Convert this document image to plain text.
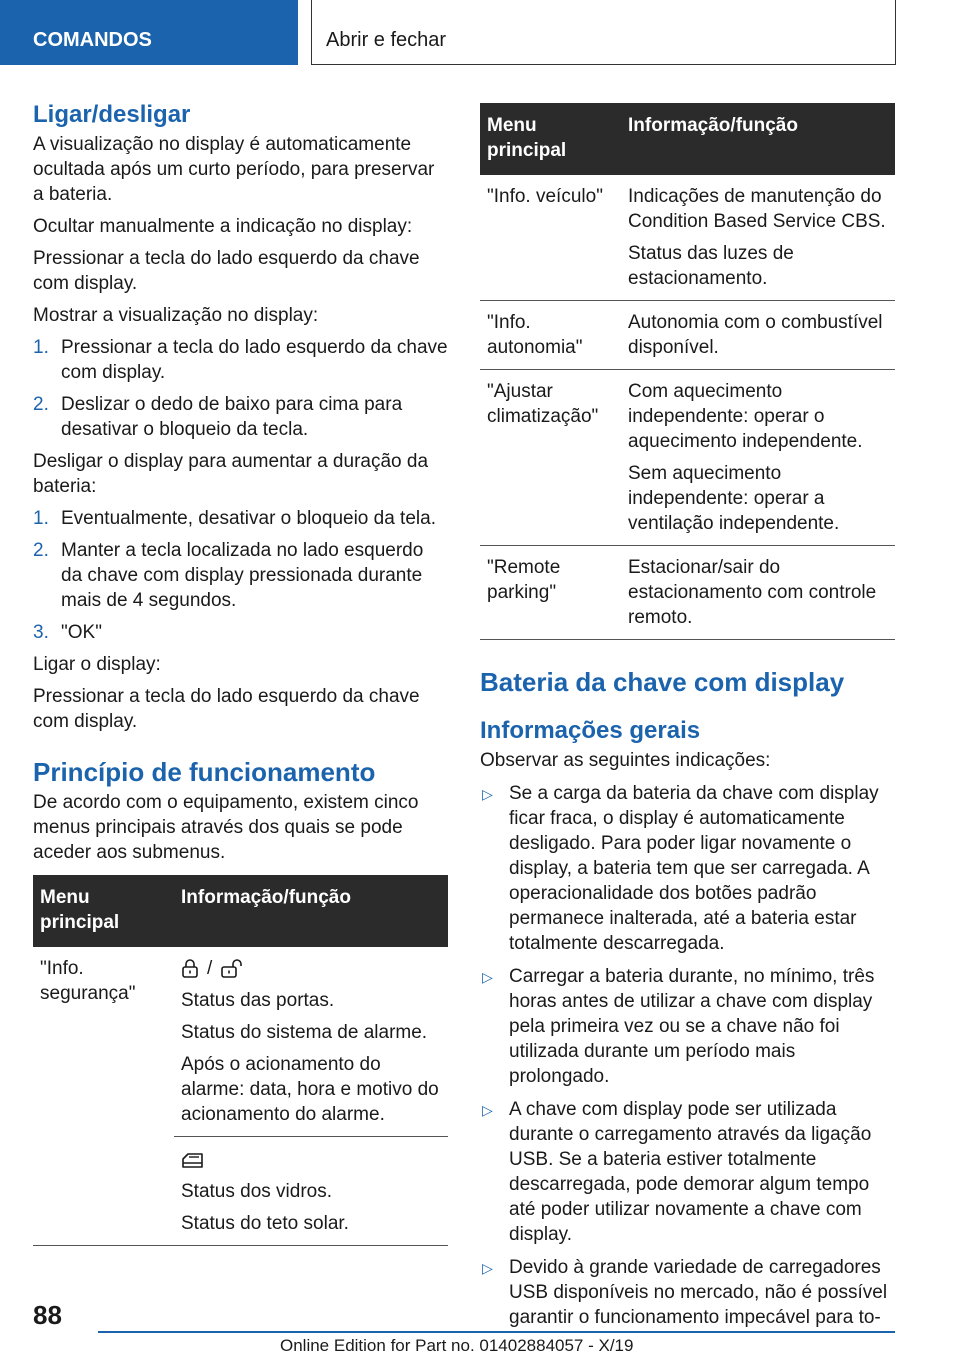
COMANDOS	Abrir e fechar
Ligar/desligar

A visualização no display é automaticamente ocultada após um curto período, para preservar a bateria.

Ocultar manualmente a indicação no display:

Pressionar a tecla do lado esquerdo da chave com display.

Mostrar a visualização no display:

1. Pressionar a tecla do lado esquerdo da chave com display.
2. Deslizar o dedo de baixo para cima para desativar o bloqueio da tecla.

Desligar o display para aumentar a duração da bateria:

1. Eventualmente, desativar o bloqueio da tela.
2. Manter a tecla localizada no lado esquerdo da chave com display pressionada durante mais de 4 segundos.
3. "OK"

Ligar o display:

Pressionar a tecla do lado esquerdo da chave com display.

Princípio de funcionamento

De acordo com o equipamento, existem cinco menus principais através dos quais se pode aceder aos submenus.

Menu principal	Informação/função
"Info. segurança"	/

Status das portas.

Status do sistema de alarme.

Após o acionamento do alarme: data, hora e motivo do acionamento do alarme.

	Status dos vidros.

Status do teto solar.

Menu principal	Informação/função
"Info. veículo"	Indicações de manutenção do Condition Based Service CBS.

Status das luzes de estacionamento.

"Info. autonomia"	Autonomia com o combustível disponível.

"Ajustar climatização"	Com aquecimento independente: operar o aquecimento independente.

Sem aquecimento independente: operar a ventilação independente.

"Remote parking"	Estacionar/sair do estacionamento com controle remoto.

Bateria da chave com display
Informações gerais

Observar as seguintes indicações:

▷ Se a carga da bateria da chave com display ficar fraca, o display é automaticamente desligado. Para poder ligar novamente o display, a bateria tem que ser carregada. A operacionalidade dos botões padrão permanece inalterada, até a bateria estar totalmente descarregada.
▷ Carregar a bateria durante, no mínimo, três horas antes de utilizar a chave com display pela primeira vez ou se a chave não foi utilizada durante um período mais prolongado.
▷ A chave com display pode ser utilizada durante o carregamento através da ligação USB. Se a bateria estiver totalmente descarregada, pode demorar algum tempo até poder utilizar novamente a chave com display.
▷ Devido à grande variedade de carregadores USB disponíveis no mercado, não é possível garantir o funcionamento impecável para to-
88
Online Edition for Part no. 01402884057 - X/19
